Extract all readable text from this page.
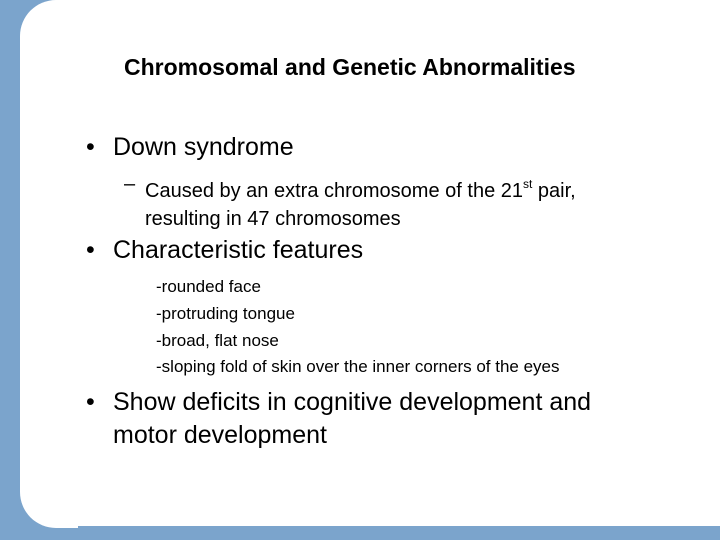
Chromosomal and Genetic Abnormalities
• Down syndrome
– Caused by an extra chromosome of the 21st pair,
resulting in 47 chromosomes
• Characteristic features
-rounded face
-protruding tongue
-broad, flat nose
-sloping fold of skin over the inner corners of the eyes
• Show deficits in cognitive development and
motor development
